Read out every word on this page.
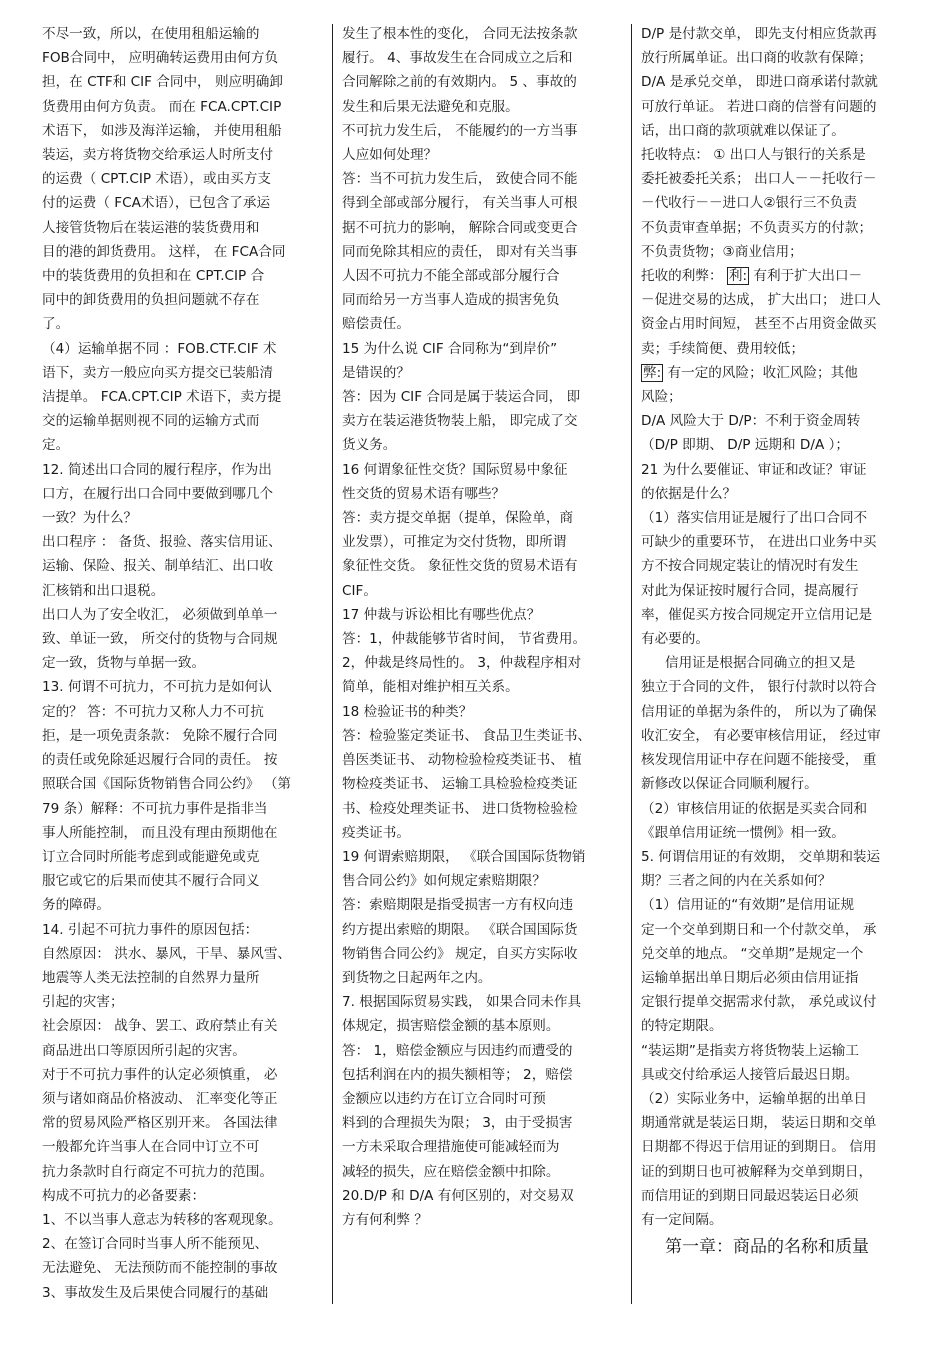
不尽一致，所以，在使用租船运输的
FOB合同中， 应明确转运费用由何方负
担，在 CTF和 CIF 合同中， 则应明确卸
货费用由何方负责。 而在 FCA.CPT.CIP
术语下， 如涉及海洋运输， 并使用租船
装运，卖方将货物交给承运人时所支付
的运费（ CPT.CIP 术语），或由买方支
付的运费（ FCA术语），已包含了承运
人接管货物后在装运港的装货费用和
目的港的卸货费用。 这样， 在 FCA合同
中的装货费用的负担和在 CPT.CIP 合
同中的卸货费用的负担问题就不存在
了。
（4）运输单据不同 ：FOB.CTF.CIF 术
语下，卖方一般应向买方提交已装船清
洁提单。 FCA.CPT.CIP 术语下，卖方提
交的运输单据则视不同的运输方式而
定。
12. 简述出口合同的履行程序，作为出
口方，在履行出口合同中要做到哪几个
一致？为什么？
出口程序 ： 备货、报验、落实信用证、
运输、保险、报关、制单结汇、出口收
汇核销和出口退税。
出口人为了安全收汇， 必须做到单单一
致、单证一致， 所交付的货物与合同规
定一致，货物与单据一致。
13. 何谓不可抗力，不可抗力是如何认
定的？ 答：不可抗力又称人力不可抗
拒，是一项免责条款： 免除不履行合同
的责任或免除延迟履行合同的责任。 按
照联合国《国际货物销售合同公约》 （第
79 条）解释：不可抗力事件是指非当
事人所能控制， 而且没有理由预期他在
订立合同时所能考虑到或能避免或克
服它或它的后果而使其不履行合同义
务的障碍。
14. 引起不可抗力事件的原因包括：
自然原因： 洪水、暴风，干旱、暴风雪、
地震等人类无法控制的自然界力量所
引起的灾害；
社会原因： 战争、罢工、政府禁止有关
商品进出口等原因所引起的灾害。
对于不可抗力事件的认定必须慎重， 必
须与诸如商品价格波动、 汇率变化等正
常的贸易风险严格区别开来。 各国法律
一般都允许当事人在合同中订立不可
抗力条款时自行商定不可抗力的范围。
构成不可抗力的必备要素：
1、不以当事人意志为转移的客观现象。
2、在签订合同时当事人所不能预见、
无法避免、 无法预防而不能控制的事故
3、事故发生及后果使合同履行的基础
发生了根本性的变化， 合同无法按条款
履行。 4、事故发生在合同成立之后和
合同解除之前的有效期内。 5 、事故的
发生和后果无法避免和克服。
不可抗力发生后， 不能履约的一方当事
人应如何处理？
答：当不可抗力发生后， 致使合同不能
得到全部或部分履行， 有关当事人可根
据不可抗力的影响， 解除合同或变更合
同而免除其相应的责任， 即对有关当事
人因不可抗力不能全部或部分履行合
同而给另一方当事人造成的损害免负
赔偿责任。
15 为什么说 CIF 合同称为“到岸价”
是错误的？
答：因为 CIF 合同是属于装运合同， 即
卖方在装运港货物装上船， 即完成了交
货义务。
16 何谓象征性交货？国际贸易中象征
性交货的贸易术语有哪些？
答：卖方提交单据（提单，保险单，商
业发票），可推定为交付货物，即所谓
象征性交货。 象征性交货的贸易术语有
CIF。
17 仲裁与诉讼相比有哪些优点？
答：1，仲裁能够节省时间， 节省费用。
2，仲裁是终局性的。 3，仲裁程序相对
简单，能相对维护相互关系。
18 检验证书的种类？
答：检验鉴定类证书、 食品卫生类证书、
兽医类证书、 动物检验检疫类证书、 植
物检疫类证书、 运输工具检验检疫类证
书、检疫处理类证书、 进口货物检验检
疫类证书。
19 何谓索赔期限， 《联合国国际货物销
售合同公约》如何规定索赔期限？
答：索赔期限是指受损害一方有权向违
约方提出索赔的期限。 《联合国国际货
物销售合同公约》 规定，自买方实际收
到货物之日起两年之内。
7. 根据国际贸易实践， 如果合同未作具
体规定，损害赔偿金额的基本原则。
答： 1，赔偿金额应与因违约而遭受的
包括利润在内的损失额相等； 2，赔偿
金额应以违约方在订立合同时可预
料到的合理损失为限； 3，由于受损害
一方未采取合理措施使可能减轻而为
减轻的损失，应在赔偿金额中扣除。
20.D/P 和 D/A 有何区别的，对交易双
方有何利弊 ？
D/P 是付款交单， 即先支付相应货款再
放行所属单证。出口商的收款有保障；
D/A 是承兑交单， 即进口商承诺付款就
可放行单证。 若进口商的信誉有问题的
话，出口商的款项就难以保证了。
托收特点： ① 出口人与银行的关系是
委托被委托关系； 出口人－－托收行－
－代收行－－进口人②银行三不负责
不负责审查单据；不负责买方的付款；
不负责货物；③商业信用；
托收的利弊： 利: 有利于扩大出口－
－促进交易的达成， 扩大出口； 进口人
资金占用时间短， 甚至不占用资金做买
卖；手续简便、费用较低；
弊: 有一定的风险；收汇风险；其他
风险；
D/A 风险大于 D/P：不利于资金周转
（D/P 即期、 D/P 远期和 D/A ）；
21 为什么要催证、审证和改证？审证
的依据是什么？
（1）落实信用证是履行了出口合同不
可缺少的重要环节， 在进出口业务中买
方不按合同规定装让的情况时有发生
对此为保证按时履行合同，提高履行
率，催促买方按合同规定开立信用记是
有必要的。
信用证是根据合同确立的担又是
独立于合同的文件， 银行付款时以符合
信用证的单据为条件的， 所以为了确保
收汇安全， 有必要审核信用证， 经过审
核发现信用证中存在问题不能接受， 重
新修改以保证合同顺利履行。
（2）审核信用证的依据是买卖合同和
《跟单信用证统一惯例》相一致。
5. 何谓信用证的有效期， 交单期和装运
期？三者之间的内在关系如何？
（1）信用证的“有效期”是信用证规
定一个交单到期日和一个付款交单， 承
兑交单的地点。 “交单期”是规定一个
运输单据出单日期后必须由信用证指
定银行提单交据需求付款， 承兑或议付
的特定期限。
“装运期”是指卖方将货物装上运输工
具或交付给承运人接管后最迟日期。
（2）实际业务中，运输单据的出单日
期通常就是装运日期， 装运日期和交单
日期都不得迟于信用证的到期日。 信用
证的到期日也可被解释为交单到期日，
而信用证的到期日同最迟装运日必须
有一定间隔。
第一章：商品的名称和质量
